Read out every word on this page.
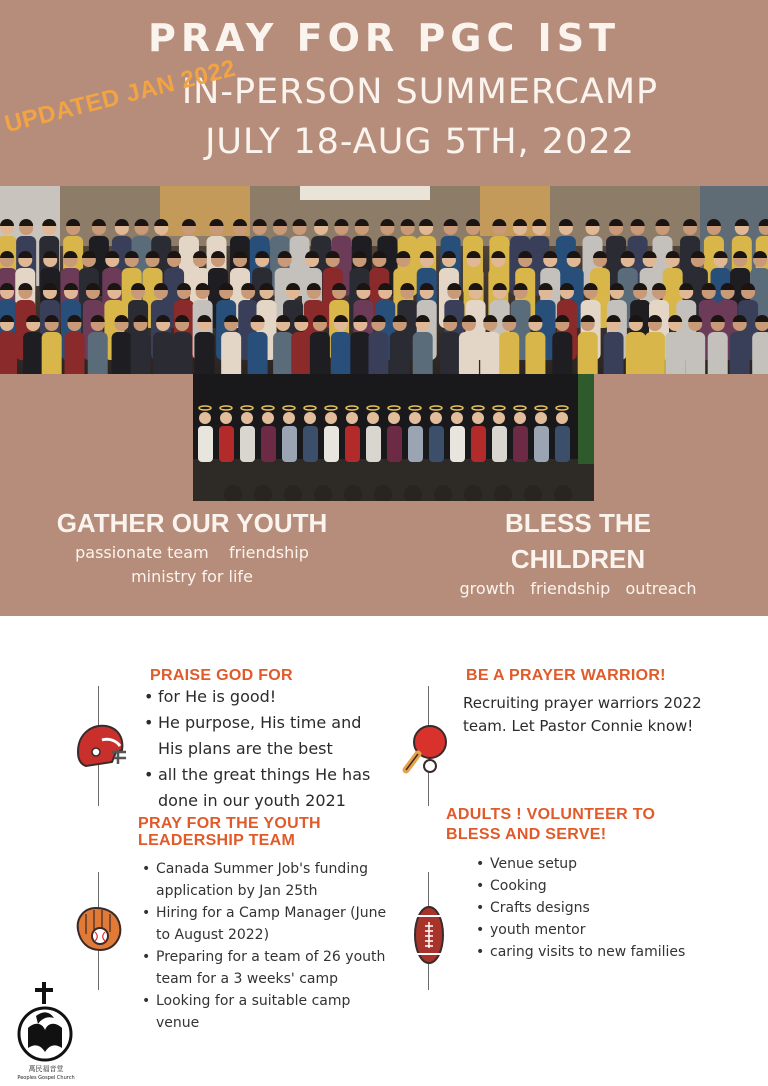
PRAY FOR PGC IST
IN-PERSON SUMMERCAMP
JULY 18-AUG 5TH, 2022
UPDATED JAN 2022
GATHER OUR YOUTH
passionate team    friendship
ministry for life
BLESS THE
CHILDREN
growth   friendship   outreach
PRAISE GOD FOR
• for He is good!
• He purpose, His time and His plans are the best
• all the great things He has done in our youth 2021
BE A PRAYER WARRIOR!
Recruiting prayer warriors 2022 team. Let Pastor Connie know!
PRAY FOR THE YOUTH
LEADERSHIP TEAM
• Canada Summer Job's funding application by Jan 25th
• Hiring for a Camp Manager (June to August 2022)
• Preparing for a team of 26 youth team for a 3 weeks' camp
• Looking for a suitable camp venue
ADULTS ! VOLUNTEER TO
BLESS AND SERVE!
• Venue setup
• Cooking
• Crafts designs
• youth mentor
• caring visits to new families
萬民福音堂
Peoples Gospel Church
